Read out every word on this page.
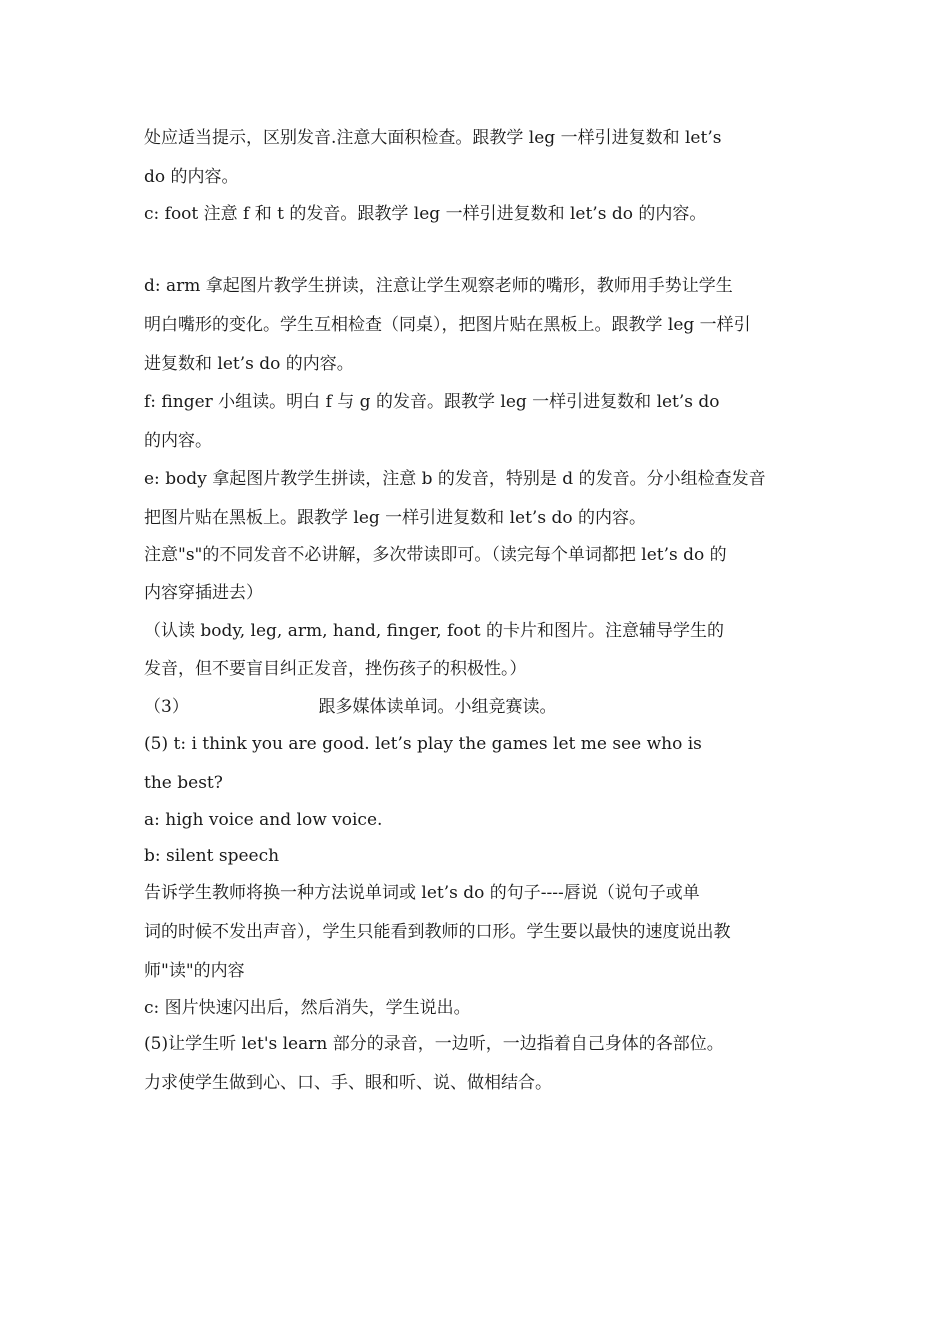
处应适当提示，区别发音.注意大面积检查。跟教学 leg 一样引进复数和 let’s
do 的内容。
c: foot 注意 f 和 t 的发音。跟教学 leg 一样引进复数和 let’s do 的内容。
d: arm 拿起图片教学生拼读，注意让学生观察老师的嘴形，教师用手势让学生
明白嘴形的变化。学生互相检查（同桌），把图片贴在黑板上。跟教学 leg 一样引
进复数和 let’s do 的内容。
f: finger 小组读。明白 f 与 g 的发音。跟教学 leg 一样引进复数和 let’s do
的内容。
e: body 拿起图片教学生拼读，注意 b 的发音，特别是 d 的发音。分小组检查发音
把图片贴在黑板上。跟教学 leg 一样引进复数和 let’s do 的内容。
注意"s"的不同发音不必讲解，多次带读即可。（读完每个单词都把 let’s do 的
内容穿插进去）
（认读 body, leg, arm, hand, finger, foot 的卡片和图片。注意辅导学生的
发音，但不要盲目纠正发音，挫伤孩子的积极性。）
（3）                        跟多媒体读单词。小组竞赛读。
(5) t: i think you are good. let’s play the games let me see who is
the best?
a: high voice and low voice.
b: silent speech
告诉学生教师将换一种方法说单词或 let’s do 的句子----唇说（说句子或单
词的时候不发出声音），学生只能看到教师的口形。学生要以最快的速度说出教
师"读"的内容
c: 图片快速闪出后，然后消失，学生说出。
(5)让学生听 let's learn 部分的录音，一边听，一边指着自己身体的各部位。
力求使学生做到心、口、手、眼和听、说、做相结合。
